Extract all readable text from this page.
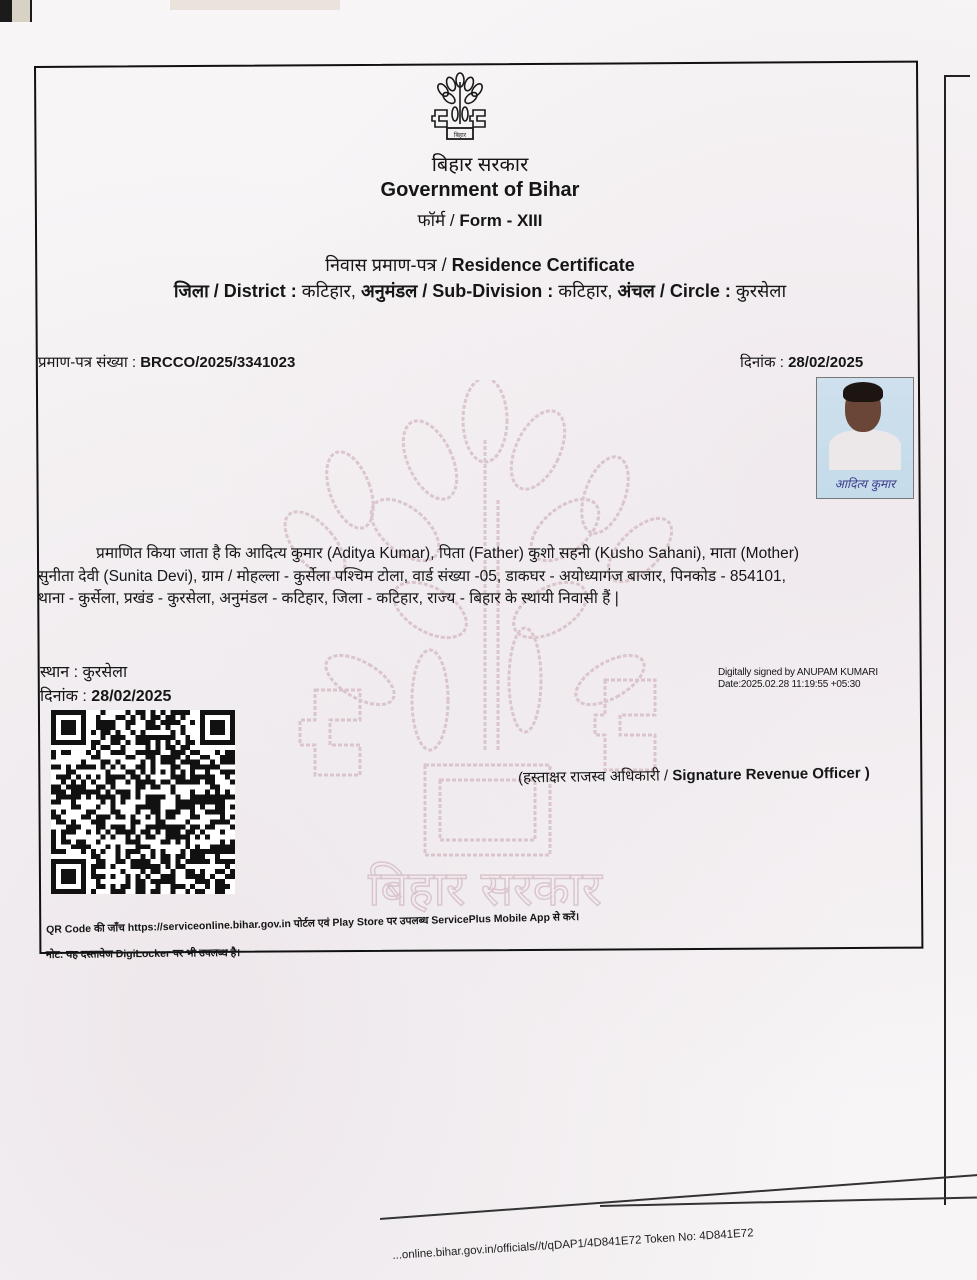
बिहार सरकार
बिहार
बिहार सरकार
Government of Bihar
फॉर्म / Form - XIII
निवास प्रमाण-पत्र / Residence Certificate
जिला / District : कटिहार, अनुमंडल / Sub-Division : कटिहार, अंचल / Circle : कुरसेला
प्रमाण-पत्र संख्या : BRCCO/2025/3341023	दिनांक : 28/02/2025
आदित्य कुमार

प्रमाणित किया जाता है कि आदित्य कुमार (Aditya Kumar), पिता (Father) कुशो सहनी (Kusho Sahani), माता (Mother)

सुनीता देवी (Sunita Devi), ग्राम / मोहल्ला - कुर्सेला पश्चिम टोला, वार्ड संख्या -05, डाकघर - अयोध्यागंज बाजार, पिनकोड - 854101,
थाना - कुर्सेला, प्रखंड - कुरसेला, अनुमंडल - कटिहार, जिला - कटिहार, राज्य - बिहार के स्थायी निवासी हैं |
स्थान : कुरसेला
दिनांक : 28/02/2025
Digitally signed by ANUPAM KUMARI
Date:2025.02.28 11:19:55 +05:30
(हस्ताक्षर राजस्व अधिकारी / Signature Revenue Officer )
QR Code की जाँच https://serviceonline.bihar.gov.in पोर्टल एवं Play Store पर उपलब्ध ServicePlus Mobile App से करें।
नोट: यह दस्तावेज DigiLocker पर भी उपलब्ध है।
...online.bihar.gov.in/officials//t/qDAP1/4D841E72 Token No: 4D841E72
